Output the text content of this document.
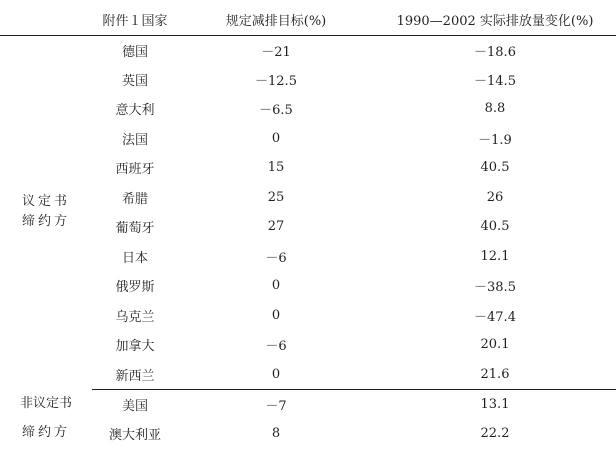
	附件１国家	规定减排目标(%)	1990—2002 实际排放量变化(%)

议定书
缔约方	德国	－21	－18.6
	英国	－12.5	－14.5
	意大利	－6.5	8.8
	法国	0	－1.9
	西班牙	15	40.5
	希腊	25	26
	葡萄牙	27	40.5
	日本	－6	12.1
	俄罗斯	0	－38.5
	乌克兰	0	－47.4
	加拿大	－6	20.1
	新西兰	0	21.6
非议定书	美国	－7	13.1
缔约方	澳大利亚	8	22.2
